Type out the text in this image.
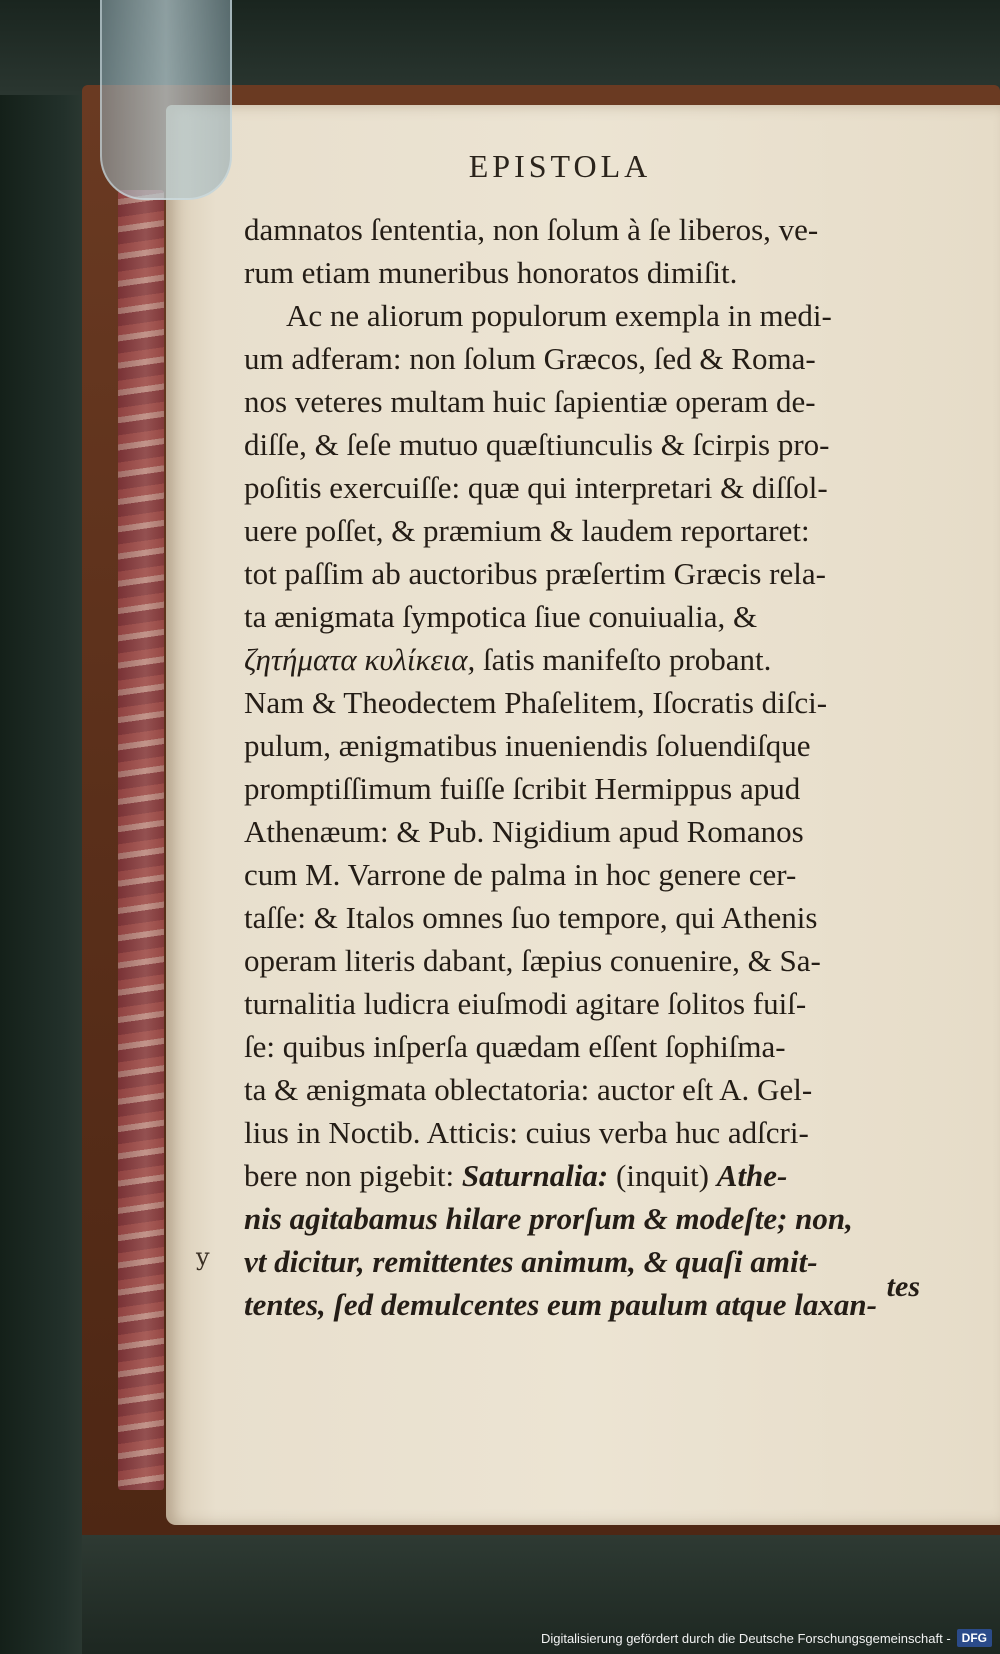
EPISTOLA
damnatos ſententia, non ſolum à ſe liberos, ve-
rum etiam muneribus honoratos dimiſit.
Ac ne aliorum populorum exempla in medi-
um adferam: non ſolum Græcos, ſed & Roma-
nos veteres multam huic ſapientiæ operam de-
diſſe, & ſeſe mutuo quæſtiunculis & ſcirpis pro-
poſitis exercuiſſe: quæ qui interpretari & diſſol-
uere poſſet, & præmium & laudem reportaret:
tot paſſim ab auctoribus præſertim Græcis rela-
ta ænigmata ſympotica ſiue conuiualia, &
ζητήματα κυλίκεια, ſatis manifeſto probant.
Nam & Theodectem Phaſelitem, Iſocratis diſci-
pulum, ænigmatibus inueniendis ſoluendiſque
promptiſſimum fuiſſe ſcribit Hermippus apud
Athenæum: & Pub. Nigidium apud Romanos
cum M. Varrone de palma in hoc genere cer-
taſſe: & Italos omnes ſuo tempore, qui Athenis
operam literis dabant, ſæpius conuenire, & Sa-
turnalitia ludicra eiuſmodi agitare ſolitos fuiſ-
ſe: quibus inſperſa quædam eſſent ſophiſma-
ta & ænigmata oblectatoria: auctor eſt A. Gel-
lius in Noctib. Atticis: cuius verba huc adſcri-
bere non pigebit: Saturnalia: (inquit) Athe-
nis agitabamus hilare prorſum & modeſte; non,
vt dicitur, remittentes animum, & quaſi amit-
tentes, ſed demulcentes eum paulum atque laxan-
y
tes
Digitalisierung gefördert durch die Deutsche Forschungsgemeinschaft - DFG
